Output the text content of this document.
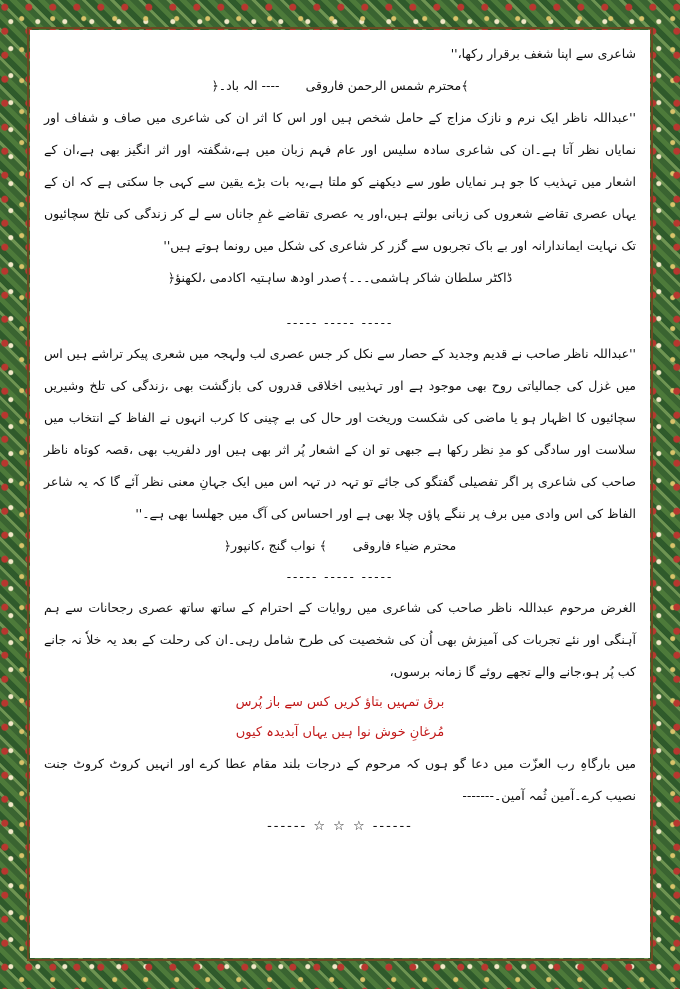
شاعری سے اپنا شغف برقرار رکھا،''
﴾محترم شمس الرحمن فاروقی ---- الہ باد۔﴿

''عبداللہ ناظر ایک نرم و نازک مزاج کے حامل شخص ہیں اور اس کا اثر ان کی شاعری میں صاف و شفاف اور نمایاں نظر آتا ہے۔ان کی شاعری سادہ سلیس اور عام فہم زبان میں ہے،شگفتہ اور اثر انگیز بھی ہے،ان کے اشعار میں تہذیب کا جو ہر نمایاں طور سے دیکھنے کو ملتا ہے،یہ بات بڑے یقین سے کہی جا سکتی ہے کہ ان کے یہاں عصری تقاضے شعروں کی زبانی بولتے ہیں،اور یہ عصری تقاضے غمِ جاناں سے لے کر زندگی کی تلخ سچائیوں تک نہایت ایماندارانہ اور بے باک تجربوں سے گزر کر شاعری کی شکل میں رونما ہوتے ہیں''

ڈاکٹر سلطان شاکر ہاشمی۔۔۔﴾صدر اودھ ساہتیہ اکادمی ،لکھنؤ﴿
----- ----- -----

''عبداللہ ناظر صاحب نے قدیم وجدید کے حصار سے نکل کر جس عصری لب ولہجہ میں شعری پیکر تراشے ہیں اس میں غزل کی جمالیاتی روح بھی موجود ہے اور تہذیبی اخلاقی قدروں کی بازگشت بھی ،زندگی کی تلخ وشیریں سچائیوں کا اظہار ہو یا ماضی کی شکست وریخت اور حال کی بے چینی کا کرب انہوں نے الفاظ کے انتخاب میں سلاست اور سادگی کو مدِ نظر رکھا ہے جبھی تو ان کے اشعار پُر اثر بھی ہیں اور دلفریب بھی ،قصہ کوتاہ ناظر صاحب کی شاعری پر اگر تفصیلی گفتگو کی جائے تو تہہ در تہہ اس میں ایک جہانِ معنی نظر آئے گا کہ یہ شاعر الفاظ کی اس وادی میں برف پر ننگے پاؤں چلا بھی ہے اور احساس کی آگ میں جھلسا بھی ہے۔''

محترم ضیاء فاروقی ﴾ نواب گنج ،کانپور﴿
----- ----- -----

الغرض مرحوم عبداللہ ناظر صاحب کی شاعری میں روایات کے احترام کے ساتھ ساتھ عصری رجحانات سے ہم آہنگی اور نئے تجربات کی آمیزش بھی اُن کی شخصیت کی طرح شامل رہی۔ان کی رحلت کے بعد یہ خلاٗ نہ جانے کب پُر ہو،جانے والے تجھے روئے گا زمانہ برسوں،

برق تمہیں بتاؤ کریں کس سے باز پُرس
مُرغانِ خوش نوا ہیں یہاں آبدیدہ کیوں

میں بارگاہِ رب العزّت میں دعا گو ہوں کہ مرحوم کے درجات بلند مقام عطا کرے اور انہیں کروٹ کروٹ جنت نصیب کرے۔آمین ثُمہ آمین۔-------

------ ☆ ☆ ☆ ------
